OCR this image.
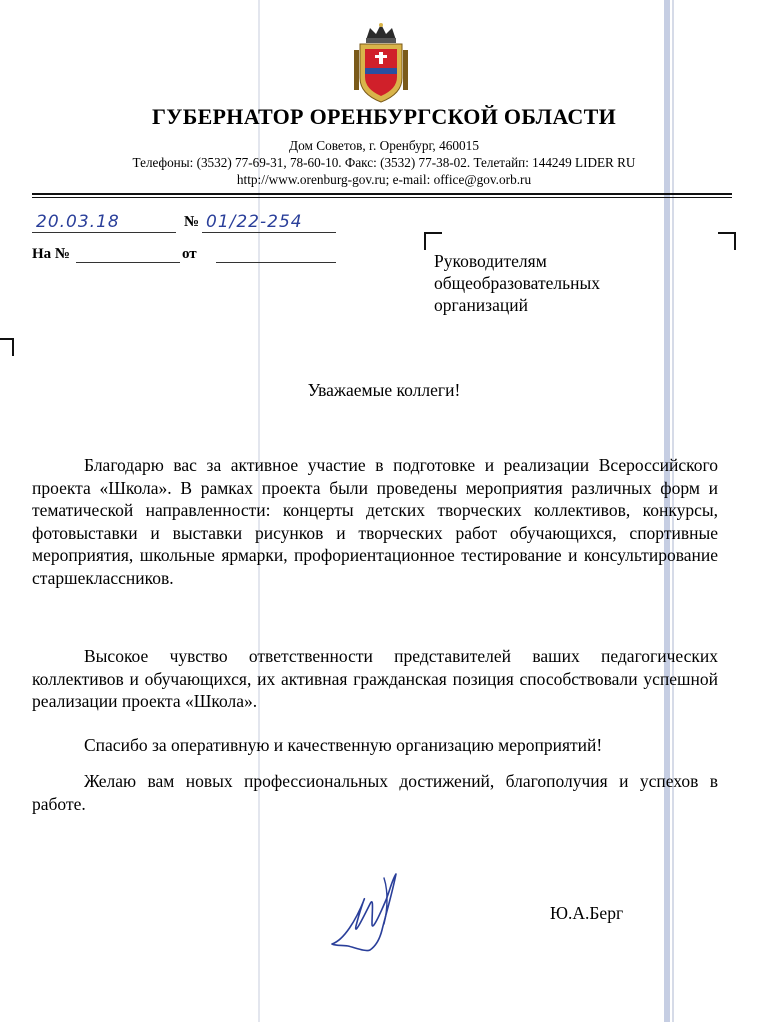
ГУБЕРНАТОР ОРЕНБУРГСКОЙ ОБЛАСТИ
Дом Советов, г. Оренбург, 460015
Телефоны: (3532) 77-69-31, 78-60-10. Факс: (3532) 77-38-02. Телетайп: 144249 LIDER RU
http://www.orenburg-gov.ru; e-mail: office@gov.orb.ru
20.03.18	№ 01/22-254
На №	от	Руководителям
общеобразовательных
организаций
Уважаемые коллеги!
Благодарю вас за активное участие в подготовке и реализации Всероссийского проекта «Школа». В рамках проекта были проведены мероприятия различных форм и тематической направленности: концерты детских творческих коллективов, конкурсы, фотовыставки и выставки рисунков и творческих работ обучающихся, спортивные мероприятия, школьные ярмарки, профориентационное тестирование и консультирование старшеклассников.
Высокое чувство ответственности представителей ваших педагогических коллективов и обучающихся, их активная гражданская позиция способствовали успешной реализации проекта «Школа».
Спасибо за оперативную и качественную организацию мероприятий!
Желаю вам новых профессиональных достижений, благополучия и успехов в работе.
Ю.А.Берг
